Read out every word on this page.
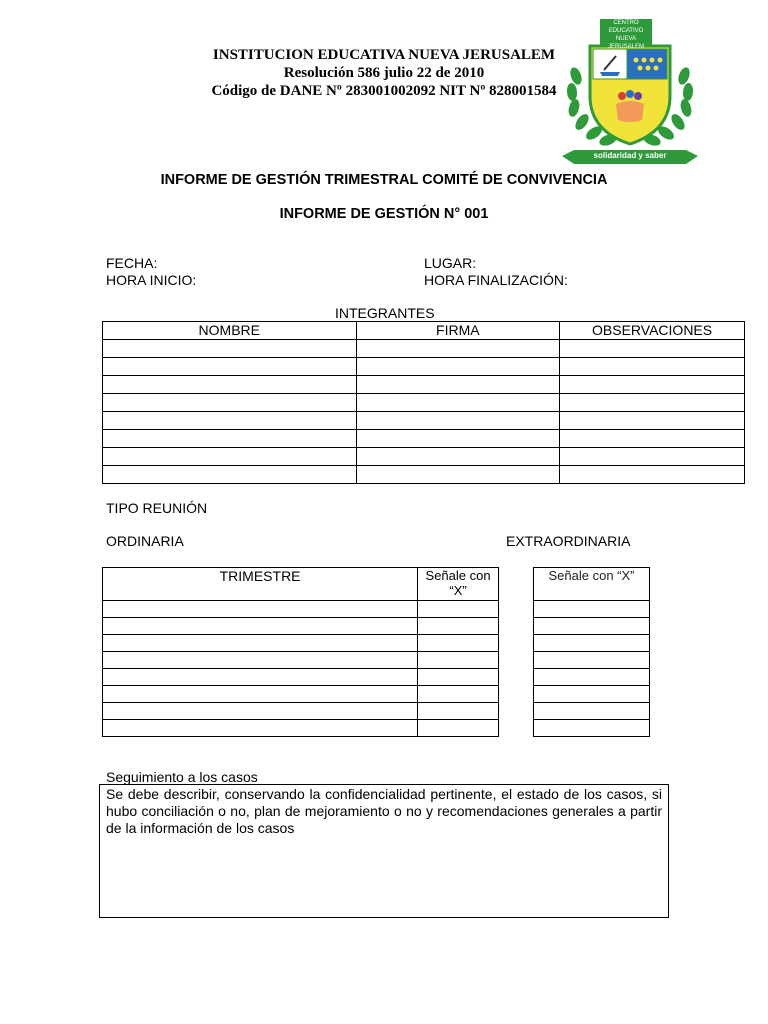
INSTITUCION EDUCATIVA NUEVA JERUSALEM
Resolución 586 julio 22 de 2010
Código de DANE Nº 283001002092 NIT Nº 828001584
CENTRO
EDUCATIVO
NUEVA JERUSALEM
solidaridad y saber
INFORME DE GESTIÓN TRIMESTRAL COMITÉ DE CONVIVENCIA
INFORME DE GESTIÓN N° 001
FECHA:
HORA INICIO:
LUGAR:
HORA FINALIZACIÓN:
INTEGRANTES
NOMBRE	FIRMA	OBSERVACIONES

TIPO REUNIÓN
ORDINARIA	EXTRAORDINARIA
TRIMESTRE	Señale con “X”

Señale con “X”

Seguimiento a los casos
Se debe describir, conservando la confidencialidad pertinente, el estado de los casos, si hubo conciliación o no, plan de mejoramiento o no y recomendaciones generales a partir de la información de los casos
